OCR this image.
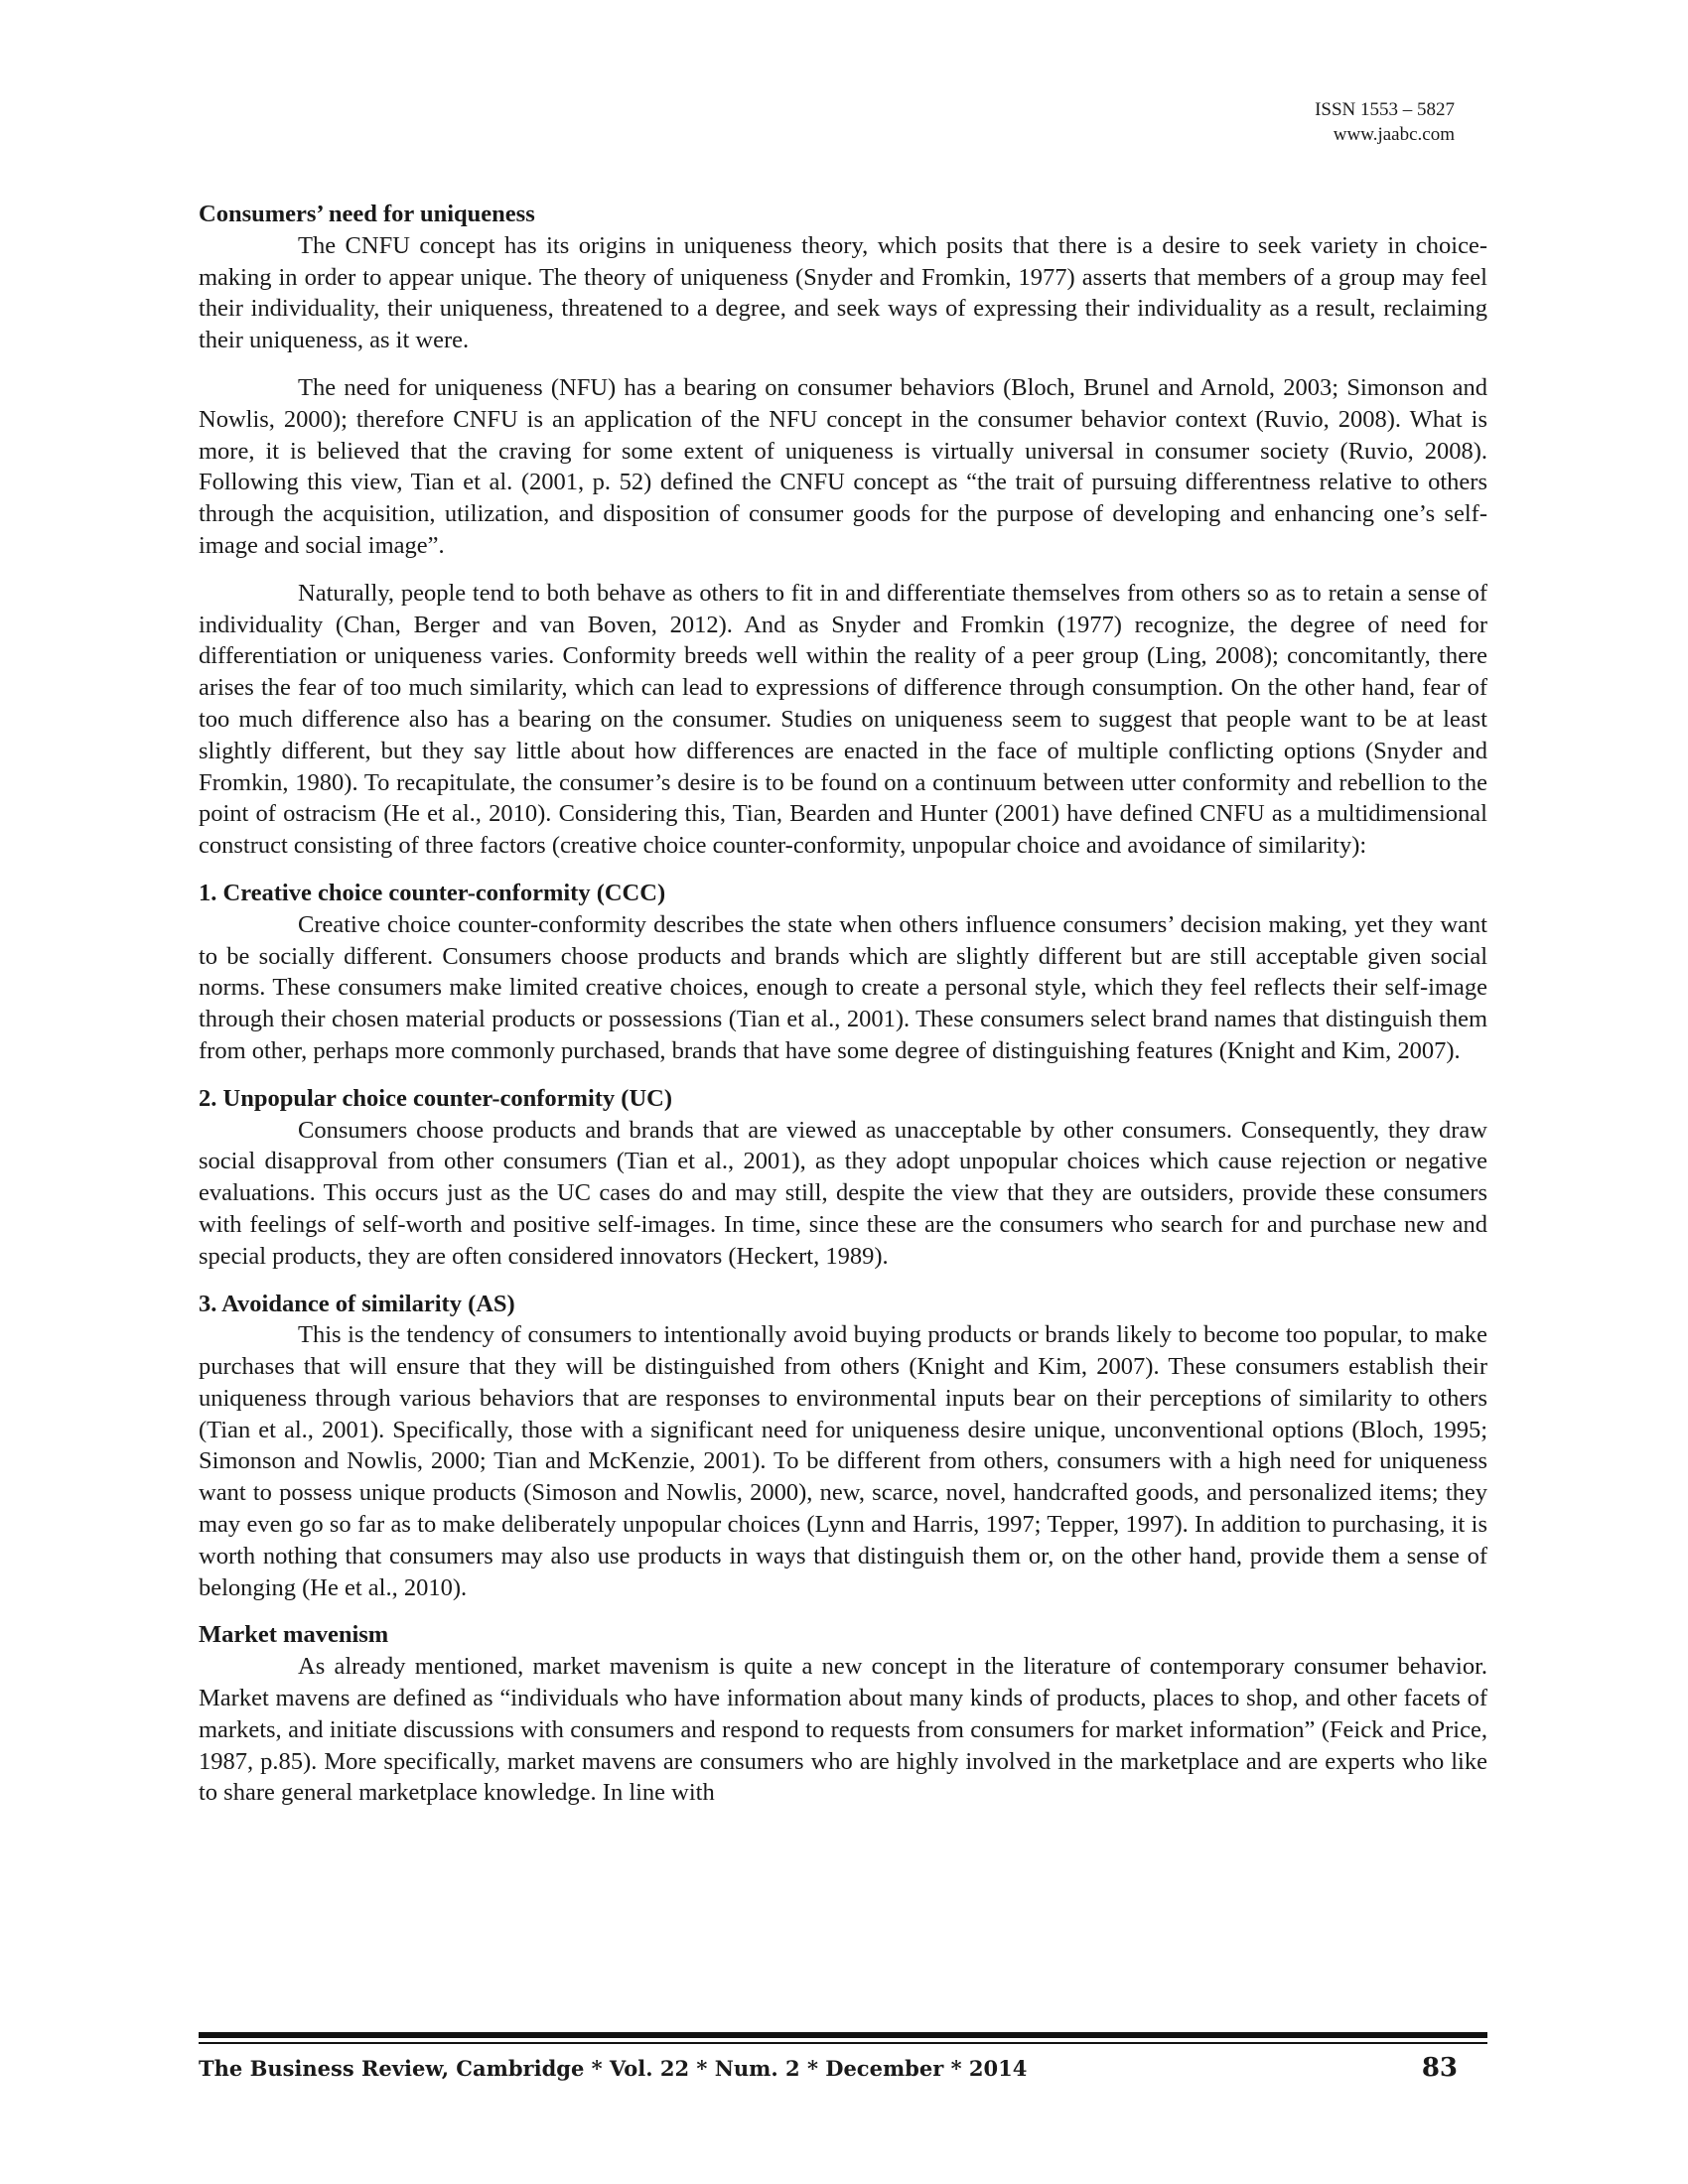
ISSN 1553 – 5827
www.jaabc.com

Consumers’ need for uniqueness

The CNFU concept has its origins in uniqueness theory, which posits that there is a desire to seek variety in choice-making in order to appear unique. The theory of uniqueness (Snyder and Fromkin, 1977) asserts that members of a group may feel their individuality, their uniqueness, threatened to a degree, and seek ways of expressing their individuality as a result, reclaiming their uniqueness, as it were.

The need for uniqueness (NFU) has a bearing on consumer behaviors (Bloch, Brunel and Arnold, 2003; Simonson and Nowlis, 2000); therefore CNFU is an application of the NFU concept in the consumer behavior context (Ruvio, 2008). What is more, it is believed that the craving for some extent of uniqueness is virtually universal in consumer society (Ruvio, 2008). Following this view, Tian et al. (2001, p. 52) defined the CNFU concept as “the trait of pursuing differentness relative to others through the acquisition, utilization, and disposition of consumer goods for the purpose of developing and enhancing one’s self-image and social image”.

Naturally, people tend to both behave as others to fit in and differentiate themselves from others so as to retain a sense of individuality (Chan, Berger and van Boven, 2012). And as Snyder and Fromkin (1977) recognize, the degree of need for differentiation or uniqueness varies. Conformity breeds well within the reality of a peer group (Ling, 2008); concomitantly, there arises the fear of too much similarity, which can lead to expressions of difference through consumption. On the other hand, fear of too much difference also has a bearing on the consumer. Studies on uniqueness seem to suggest that people want to be at least slightly different, but they say little about how differences are enacted in the face of multiple conflicting options (Snyder and Fromkin, 1980). To recapitulate, the consumer’s desire is to be found on a continuum between utter conformity and rebellion to the point of ostracism (He et al., 2010). Considering this, Tian, Bearden and Hunter (2001) have defined CNFU as a multidimensional construct consisting of three factors (creative choice counter-conformity, unpopular choice and avoidance of similarity):

1. Creative choice counter-conformity (CCC)

Creative choice counter-conformity describes the state when others influence consumers’ decision making, yet they want to be socially different. Consumers choose products and brands which are slightly different but are still acceptable given social norms. These consumers make limited creative choices, enough to create a personal style, which they feel reflects their self-image through their chosen material products or possessions (Tian et al., 2001). These consumers select brand names that distinguish them from other, perhaps more commonly purchased, brands that have some degree of distinguishing features (Knight and Kim, 2007).

2. Unpopular choice counter-conformity (UC)

Consumers choose products and brands that are viewed as unacceptable by other consumers. Consequently, they draw social disapproval from other consumers (Tian et al., 2001), as they adopt unpopular choices which cause rejection or negative evaluations. This occurs just as the UC cases do and may still, despite the view that they are outsiders, provide these consumers with feelings of self-worth and positive self-images. In time, since these are the consumers who search for and purchase new and special products, they are often considered innovators (Heckert, 1989).

3. Avoidance of similarity (AS)

This is the tendency of consumers to intentionally avoid buying products or brands likely to become too popular, to make purchases that will ensure that they will be distinguished from others (Knight and Kim, 2007). These consumers establish their uniqueness through various behaviors that are responses to environmental inputs bear on their perceptions of similarity to others (Tian et al., 2001). Specifically, those with a significant need for uniqueness desire unique, unconventional options (Bloch, 1995; Simonson and Nowlis, 2000; Tian and McKenzie, 2001). To be different from others, consumers with a high need for uniqueness want to possess unique products (Simoson and Nowlis, 2000), new, scarce, novel, handcrafted goods, and personalized items; they may even go so far as to make deliberately unpopular choices (Lynn and Harris, 1997; Tepper, 1997). In addition to purchasing, it is worth nothing that consumers may also use products in ways that distinguish them or, on the other hand, provide them a sense of belonging (He et al., 2010).

Market mavenism

As already mentioned, market mavenism is quite a new concept in the literature of contemporary consumer behavior. Market mavens are defined as “individuals who have information about many kinds of products, places to shop, and other facets of markets, and initiate discussions with consumers and respond to requests from consumers for market information” (Feick and Price, 1987, p.85). More specifically, market mavens are consumers who are highly involved in the marketplace and are experts who like to share general marketplace knowledge. In line with

The Business Review, Cambridge * Vol. 22 * Num. 2 * December * 2014	83
